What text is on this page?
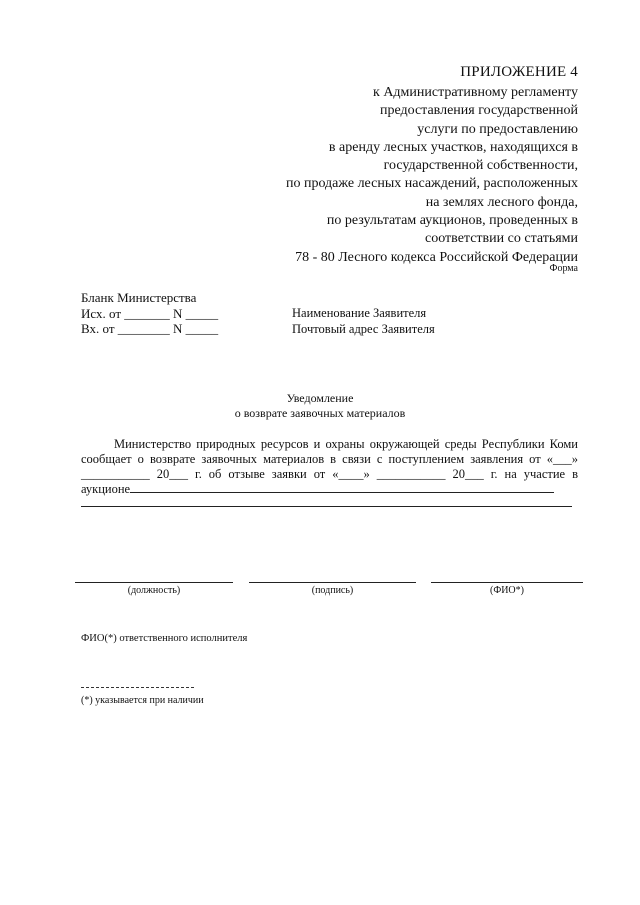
ПРИЛОЖЕНИЕ 4
к Административному регламенту
предоставления государственной
услуги по предоставлению
в аренду лесных участков, находящихся в
государственной собственности,
по продаже лесных насаждений, расположенных
на землях лесного фонда,
по результатам аукционов, проведенных в
соответствии со статьями
78 - 80 Лесного кодекса Российской Федерации
Форма
Бланк Министерства
Исх. от _______ N _____
Вх. от ________ N _____
Наименование Заявителя
Почтовый адрес Заявителя
Уведомление
о возврате заявочных материалов
Министерство природных ресурсов и охраны окружающей среды Республики Коми сообщает о возврате заявочных материалов в связи с поступлением заявления от «___» ___________ 20___ г. об отзыве заявки от «____» ___________ 20___ г. на участие в аукционе
(должность)	(подпись)	(ФИО*)
ФИО(*) ответственного исполнителя
(*) указывается при наличии
